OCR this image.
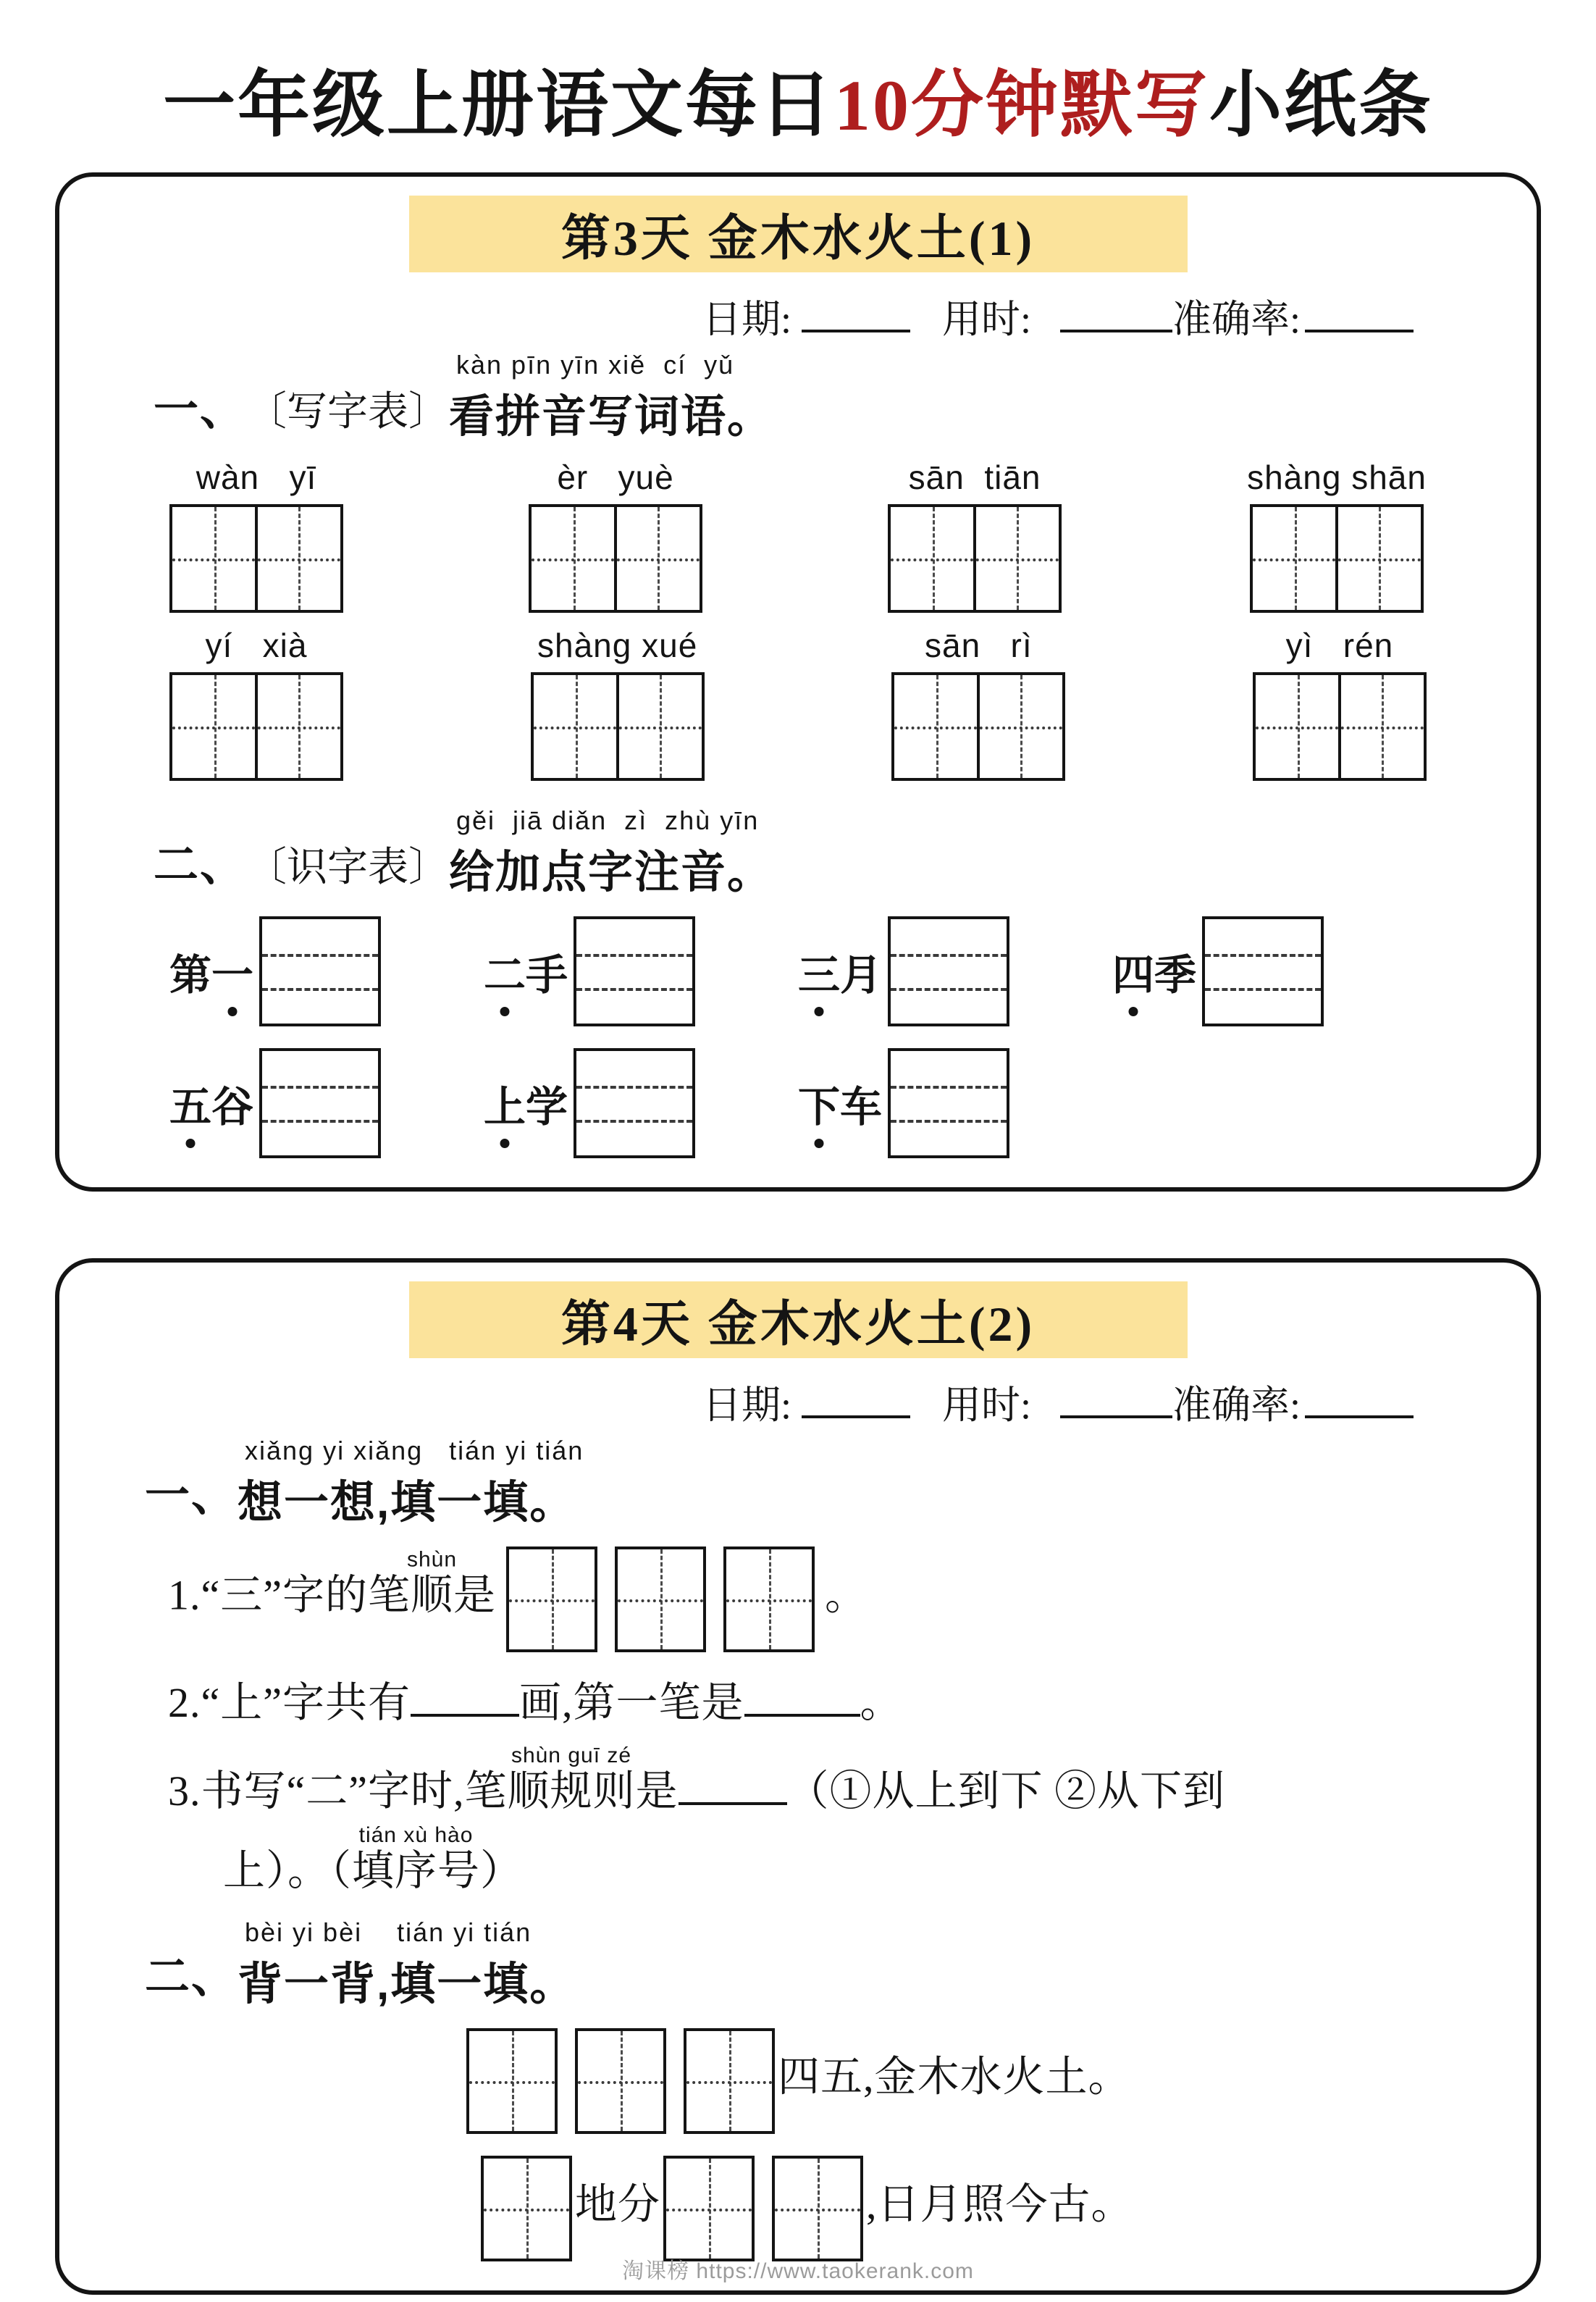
一年级上册语文每日10分钟默写小纸条
第3天 金木水火土(1)
日期:	用时:	准确率:
一、 〔写字表〕
kàn pīn yīn xiě  cí  yǔ
看拼音写词语。
wàn   yī	èr   yuè	sān  tiān	shàng shān
yí   xià	shàng xué	sān   rì	yì   rén
二、 〔识字表〕
gěi  jiā diǎn  zì  zhù yīn
给加点字注音。
第 一	二 手	三 月	四 季
五 谷	上 学	下 车
第4天 金木水火土(2)
日期:	用时:	准确率:
一、
xiǎng yi xiǎng   tián yi tián
想一想,填一填。
1.“三”字的笔顺shùn是	。
2.“上”字共有	画,第一笔是	。
3.书写“二”字时,笔顺规则shùn guī zé是	（①从上到下 ②从下到
上）。（填序号tián xù hào）
二、
bèi yi bèi    tián yi tián
背一背,填一填。
四五,金木水火土。
地分	,日月照今古。
淘课榜 https://www.taokerank.com
